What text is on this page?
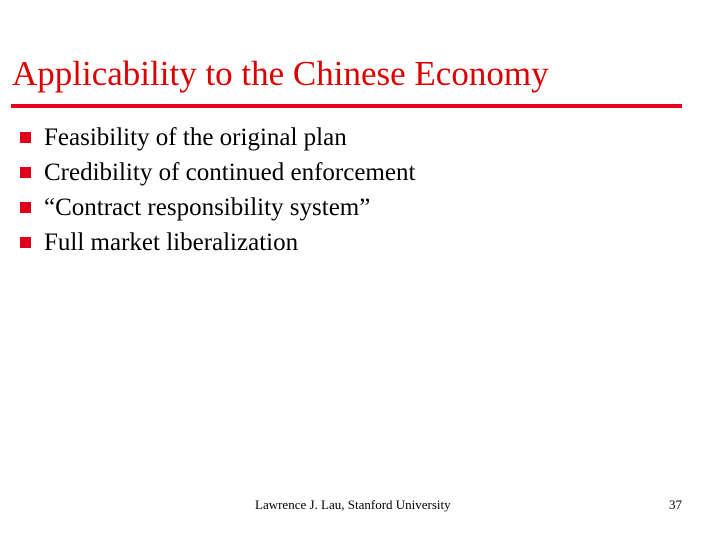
Applicability to the Chinese Economy
Feasibility of the original plan
Credibility of continued enforcement
“Contract responsibility system”
Full market liberalization
Lawrence J. Lau, Stanford University	37
